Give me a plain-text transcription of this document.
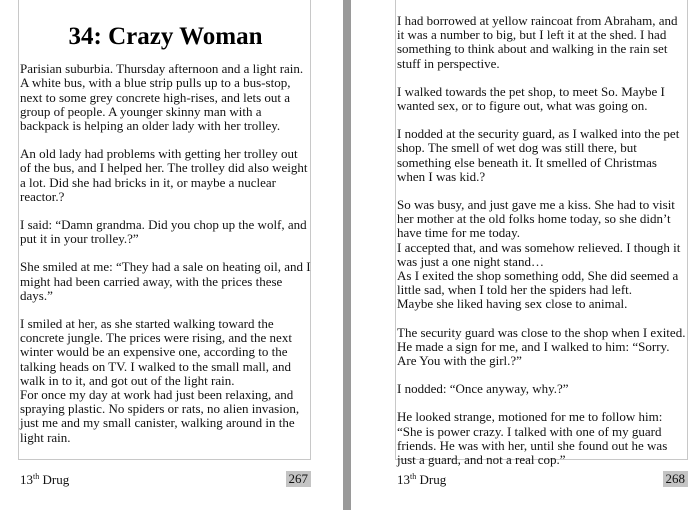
34: Crazy Woman

Parisian suburbia. Thursday afternoon and a light rain.
A white bus, with a blue strip pulls up to a bus-stop,
next to some grey concrete high-rises, and lets out a
group of people. A younger skinny man with a
backpack is helping an older lady with her trolley.

An old lady had problems with getting her trolley out
of the bus, and I helped her. The trolley did also weight
a lot. Did she had bricks in it, or maybe a nuclear
reactor.?

I said: “Damn grandma. Did you chop up the wolf, and
put it in your trolley.?”

She smiled at me: “They had a sale on heating oil, and I
might had been carried away, with the prices these
days.”

I smiled at her, as she started walking toward the
concrete jungle. The prices were rising, and the next
winter would be an expensive one, according to the
talking heads on TV. I walked to the small mall, and
walk in to it, and got out of the light rain.
For once my day at work had just been relaxing, and
spraying plastic. No spiders or rats, no alien invasion,
just me and my small canister, walking around in the
light rain.

13th Drug	267

I had borrowed at yellow raincoat from Abraham, and
it was a number to big, but I left it at the shed. I had
something to think about and walking in the rain set
stuff in perspective.

I walked towards the pet shop, to meet So. Maybe I
wanted sex, or to figure out, what was going on.

I nodded at the security guard, as I walked into the pet
shop. The smell of wet dog was still there, but
something else beneath it. It smelled of Christmas
when I was kid.?

So was busy, and just gave me a kiss. She had to visit
her mother at the old folks home today, so she didn’t
have time for me today.
I accepted that, and was somehow relieved. I though it
was just a one night stand…
As I exited the shop something odd, She did seemed a
little sad, when I told her the spiders had left.
Maybe she liked having sex close to animal.

The security guard was close to the shop when I exited.
He made a sign for me, and I walked to him: “Sorry.
Are You with the girl.?”

I nodded: “Once anyway, why.?”

He looked strange, motioned for me to follow him:
“She is power crazy. I talked with one of my guard
friends. He was with her, until she found out he was
just a guard, and not a real cop.”

13th Drug	268
